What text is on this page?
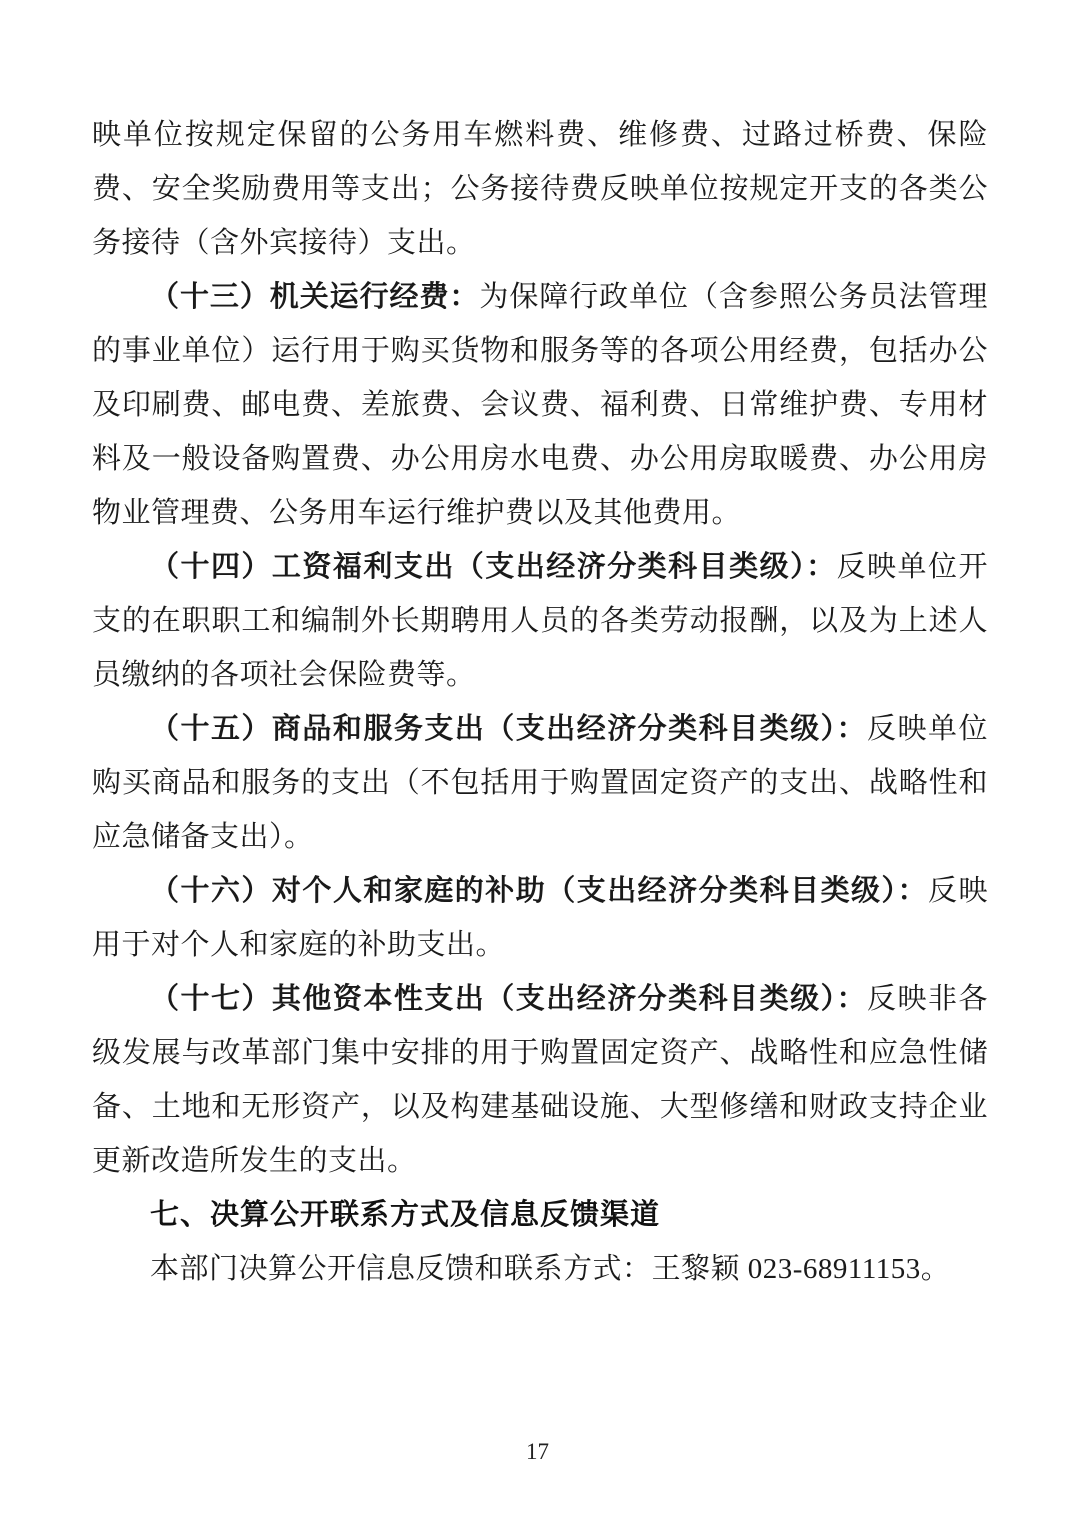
映单位按规定保留的公务用车燃料费、维修费、过路过桥费、保险费、安全奖励费用等支出；公务接待费反映单位按规定开支的各类公务接待（含外宾接待）支出。

（十三）机关运行经费：为保障行政单位（含参照公务员法管理的事业单位）运行用于购买货物和服务等的各项公用经费，包括办公及印刷费、邮电费、差旅费、会议费、福利费、日常维护费、专用材料及一般设备购置费、办公用房水电费、办公用房取暖费、办公用房物业管理费、公务用车运行维护费以及其他费用。

（十四）工资福利支出（支出经济分类科目类级）：反映单位开支的在职职工和编制外长期聘用人员的各类劳动报酬，以及为上述人员缴纳的各项社会保险费等。

（十五）商品和服务支出（支出经济分类科目类级）：反映单位购买商品和服务的支出（不包括用于购置固定资产的支出、战略性和应急储备支出）。

（十六）对个人和家庭的补助（支出经济分类科目类级）：反映用于对个人和家庭的补助支出。

（十七）其他资本性支出（支出经济分类科目类级）：反映非各级发展与改革部门集中安排的用于购置固定资产、战略性和应急性储备、土地和无形资产，以及构建基础设施、大型修缮和财政支持企业更新改造所发生的支出。

七、决算公开联系方式及信息反馈渠道

本部门决算公开信息反馈和联系方式：王黎颖 023-68911153。

17
